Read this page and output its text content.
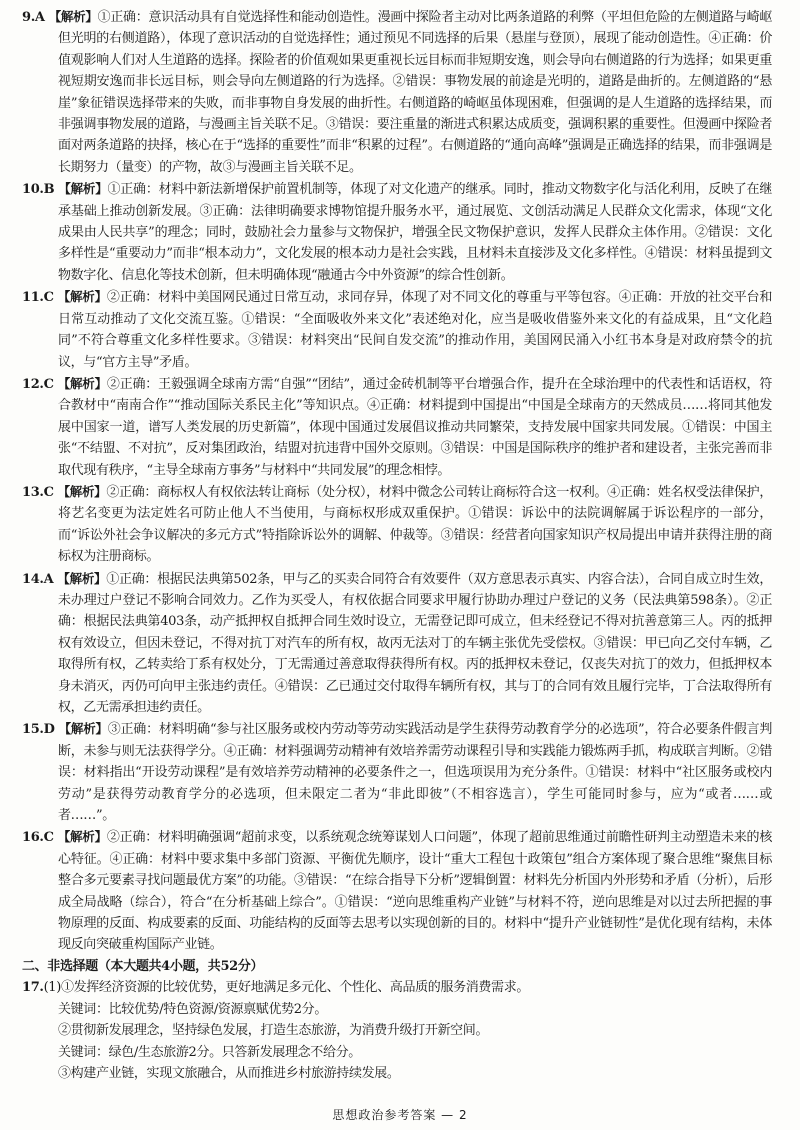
9.A 【解析】①正确：意识活动具有自觉选择性和能动创造性。漫画中探险者主动对比两条道路的利弊（平坦但危险的左侧道路与崎岖但光明的右侧道路），体现了意识活动的自觉选择性；通过预见不同选择的后果（悬崖与登顶），展现了能动创造性。④正确：价值观影响人们对人生道路的选择。探险者的价值观如果更重视长远目标而非短期安逸，则会导向右侧道路的行为选择；如果更重视短期安逸而非长远目标，则会导向左侧道路的行为选择。②错误：事物发展的前途是光明的，道路是曲折的。左侧道路的“悬崖”象征错误选择带来的失败，而非事物自身发展的曲折性。右侧道路的崎岖虽体现困难，但强调的是人生道路的选择结果，而非强调事物发展的道路，与漫画主旨关联不足。③错误：要注重量的渐进式积累达成质变，强调积累的重要性。但漫画中探险者面对两条道路的抉择，核心在于“选择的重要性”而非“积累的过程”。右侧道路的“通向高峰”强调是正确选择的结果，而非强调是长期努力（量变）的产物，故③与漫画主旨关联不足。

10.B 【解析】①正确：材料中新法新增保护前置机制等，体现了对文化遗产的继承。同时，推动文物数字化与活化利用，反映了在继承基础上推动创新发展。③正确：法律明确要求博物馆提升服务水平，通过展览、文创活动满足人民群众文化需求，体现“文化成果由人民共享”的理念；同时，鼓励社会力量参与文物保护，增强全民文物保护意识，发挥人民群众主体作用。②错误：文化多样性是“重要动力”而非“根本动力”，文化发展的根本动力是社会实践，且材料未直接涉及文化多样性。④错误：材料虽提到文物数字化、信息化等技术创新，但未明确体现“融通古今中外资源”的综合性创新。

11.C 【解析】②正确：材料中美国网民通过日常互动，求同存异，体现了对不同文化的尊重与平等包容。④正确：开放的社交平台和日常互动推动了文化交流互鉴。①错误：“全面吸收外来文化”表述绝对化，应当是吸收借鉴外来文化的有益成果，且“文化趋同”不符合尊重文化多样性要求。③错误：材料突出“民间自发交流”的推动作用，美国网民涌入小红书本身是对政府禁令的抗议，与“官方主导”矛盾。

12.C 【解析】②正确：王毅强调全球南方需“自强”“团结”，通过金砖机制等平台增强合作，提升在全球治理中的代表性和话语权，符合教材中“南南合作”“推动国际关系民主化”等知识点。④正确：材料提到中国提出“中国是全球南方的天然成员……将同其他发展中国家一道，谱写人类发展的历史新篇”，体现中国通过发展倡议推动共同繁荣，支持发展中国家共同发展。①错误：中国主张“不结盟、不对抗”，反对集团政治，结盟对抗违背中国外交原则。③错误：中国是国际秩序的维护者和建设者，主张完善而非取代现有秩序，“主导全球南方事务”与材料中“共同发展”的理念相悖。

13.C 【解析】②正确：商标权人有权依法转让商标（处分权），材料中微念公司转让商标符合这一权利。④正确：姓名权受法律保护，将艺名变更为法定姓名可防止他人不当使用，与商标权形成双重保护。①错误：诉讼中的法院调解属于诉讼程序的一部分，而“诉讼外社会争议解决的多元方式”特指除诉讼外的调解、仲裁等。③错误：经营者向国家知识产权局提出申请并获得注册的商标权为注册商标。

14.A 【解析】①正确：根据民法典第502条，甲与乙的买卖合同符合有效要件（双方意思表示真实、内容合法），合同自成立时生效，未办理过户登记不影响合同效力。乙作为买受人，有权依据合同要求甲履行协助办理过户登记的义务（民法典第598条）。②正确：根据民法典第403条，动产抵押权自抵押合同生效时设立，无需登记即可成立，但未经登记不得对抗善意第三人。丙的抵押权有效设立，但因未登记，不得对抗丁对汽车的所有权，故丙无法对丁的车辆主张优先受偿权。③错误：甲已向乙交付车辆，乙取得所有权，乙转卖给丁系有权处分，丁无需通过善意取得获得所有权。丙的抵押权未登记，仅丧失对抗丁的效力，但抵押权本身未消灭，丙仍可向甲主张违约责任。④错误：乙已通过交付取得车辆所有权，其与丁的合同有效且履行完毕，丁合法取得所有权，乙无需承担违约责任。

15.D 【解析】③正确：材料明确“参与社区服务或校内劳动等劳动实践活动是学生获得劳动教育学分的必选项”，符合必要条件假言判断，未参与则无法获得学分。④正确：材料强调劳动精神有效培养需劳动课程引导和实践能力锻炼两手抓，构成联言判断。②错误：材料指出“开设劳动课程”是有效培养劳动精神的必要条件之一，但选项误用为充分条件。①错误：材料中“社区服务或校内劳动”是获得劳动教育学分的必选项，但未限定二者为“非此即彼”（不相容选言），学生可能同时参与，应为“或者……或者……”。

16.C 【解析】②正确：材料明确强调“超前求变，以系统观念统筹谋划人口问题”，体现了超前思维通过前瞻性研判主动塑造未来的核心特征。④正确：材料中要求集中多部门资源、平衡优先顺序，设计“重大工程包十政策包”组合方案体现了聚合思维“聚焦目标整合多元要素寻找问题最优方案”的功能。③错误：“在综合指导下分析”逻辑倒置：材料先分析国内外形势和矛盾（分析），后形成全局战略（综合），符合“在分析基础上综合”。①错误：“逆向思维重构产业链”与材料不符，逆向思维是对以过去所把握的事物原理的反面、构成要素的反面、功能结构的反面等去思考以实现创新的目的。材料中“提升产业链韧性”是优化现有结构，未体现反向突破重构国际产业链。

二、非选择题（本大题共4小题，共52分）

17.(1)①发挥经济资源的比较优势，更好地满足多元化、个性化、高品质的服务消费需求。

关键词：比较优势/特色资源/资源禀赋优势2分。

②贯彻新发展理念，坚持绿色发展，打造生态旅游，为消费升级打开新空间。

关键词：绿色/生态旅游2分。只答新发展理念不给分。

③构建产业链，实现文旅融合，从而推进乡村旅游持续发展。

思想政治参考答案 — 2
